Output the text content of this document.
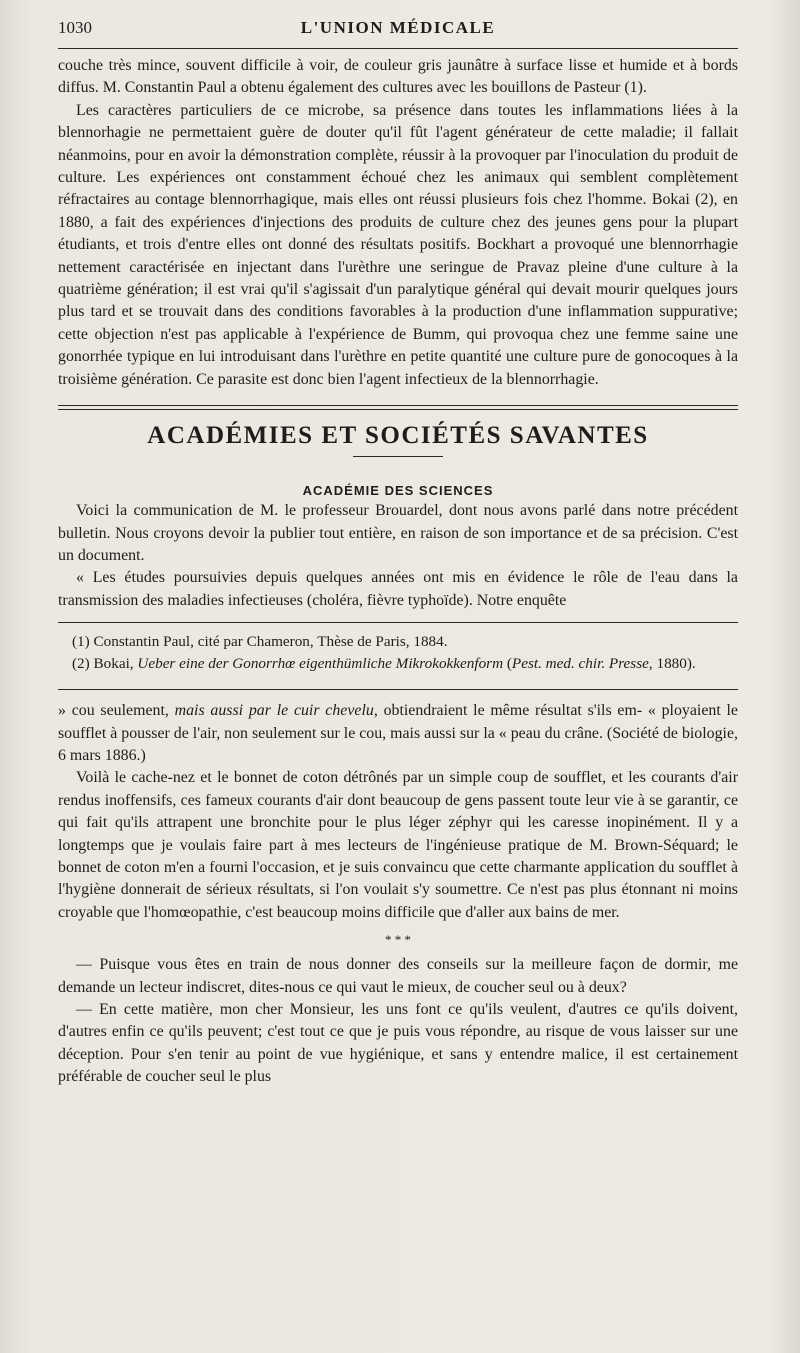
1030	L'UNION MÉDICALE

couche très mince, souvent difficile à voir, de couleur gris jaunâtre à surface lisse et humide et à bords diffus. M. Constantin Paul a obtenu également des cultures avec les bouillons de Pasteur (1).

Les caractères particuliers de ce microbe, sa présence dans toutes les inflammations liées à la blennorhagie ne permettaient guère de douter qu'il fût l'agent générateur de cette maladie; il fallait néanmoins, pour en avoir la démonstration complète, réussir à la provoquer par l'inoculation du produit de culture. Les expériences ont constamment échoué chez les animaux qui semblent complètement réfractaires au contage blennorrhagique, mais elles ont réussi plusieurs fois chez l'homme. Bokai (2), en 1880, a fait des expériences d'injections des produits de culture chez des jeunes gens pour la plupart étudiants, et trois d'entre elles ont donné des résultats positifs. Bockhart a provoqué une blennorrhagie nettement caractérisée en injectant dans l'urèthre une seringue de Pravaz pleine d'une culture à la quatrième génération; il est vrai qu'il s'agissait d'un paralytique général qui devait mourir quelques jours plus tard et se trouvait dans des conditions favorables à la production d'une inflammation suppurative; cette objection n'est pas applicable à l'expérience de Bumm, qui provoqua chez une femme saine une gonorrhée typique en lui introduisant dans l'urèthre en petite quantité une culture pure de gonocoques à la troisième génération. Ce parasite est donc bien l'agent infectieux de la blennorrhagie.

ACADÉMIES ET SOCIÉTÉS SAVANTES
ACADÉMIE DES SCIENCES

Voici la communication de M. le professeur Brouardel, dont nous avons parlé dans notre précédent bulletin. Nous croyons devoir la publier tout entière, en raison de son importance et de sa précision. C'est un document.

« Les études poursuivies depuis quelques années ont mis en évidence le rôle de l'eau dans la transmission des maladies infectieuses (choléra, fièvre typhoïde). Notre enquête

(1) Constantin Paul, cité par Chameron, Thèse de Paris, 1884.

(2) Bokai, Ueber eine der Gonorrhœ eigenthümliche Mikrokokkenform (Pest. med. chir. Presse, 1880).

» cou seulement, mais aussi par le cuir chevelu, obtiendraient le même résultat s'ils em- « ployaient le soufflet à pousser de l'air, non seulement sur le cou, mais aussi sur la « peau du crâne. (Société de biologie, 6 mars 1886.)

Voilà le cache-nez et le bonnet de coton détrônés par un simple coup de soufflet, et les courants d'air rendus inoffensifs, ces fameux courants d'air dont beaucoup de gens passent toute leur vie à se garantir, ce qui fait qu'ils attrapent une bronchite pour le plus léger zéphyr qui les caresse inopinément. Il y a longtemps que je voulais faire part à mes lecteurs de l'ingénieuse pratique de M. Brown-Séquard; le bonnet de coton m'en a fourni l'occasion, et je suis convaincu que cette charmante application du soufflet à l'hygiène donnerait de sérieux résultats, si l'on voulait s'y soumettre. Ce n'est pas plus étonnant ni moins croyable que l'homœopathie, c'est beaucoup moins difficile que d'aller aux bains de mer.

* * *

— Puisque vous êtes en train de nous donner des conseils sur la meilleure façon de dormir, me demande un lecteur indiscret, dites-nous ce qui vaut le mieux, de coucher seul ou à deux?

— En cette matière, mon cher Monsieur, les uns font ce qu'ils veulent, d'autres ce qu'ils doivent, d'autres enfin ce qu'ils peuvent; c'est tout ce que je puis vous répondre, au risque de vous laisser sur une déception. Pour s'en tenir au point de vue hygiénique, et sans y entendre malice, il est certainement préférable de coucher seul le plus
